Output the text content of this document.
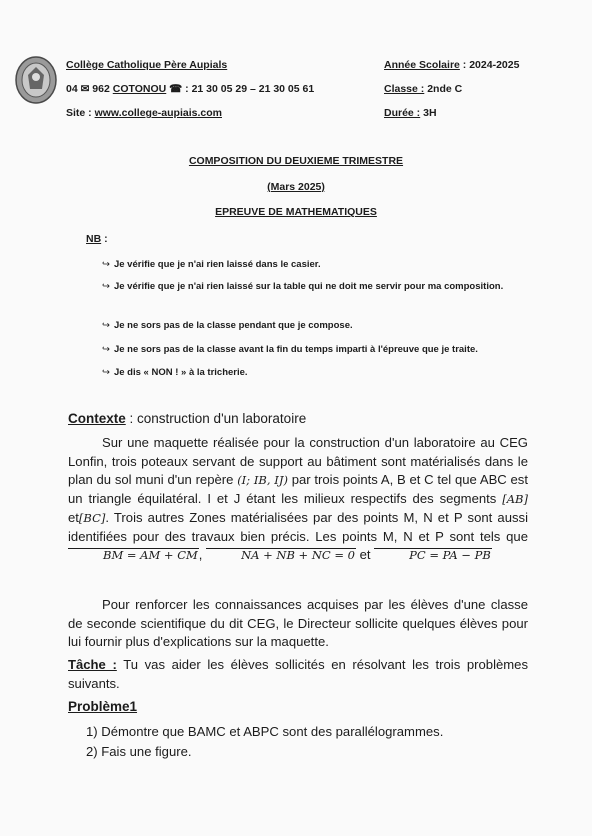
Collège Catholique Père Aupials
04 ✉ 962 COTONOU ☎ : 21 30 05 29 – 21 30 05 61
Site : www.college-aupiais.com
Année Scolaire : 2024-2025
Classe : 2nde C
Durée : 3H
COMPOSITION DU DEUXIEME TRIMESTRE
(Mars 2025)
EPREUVE DE MATHEMATIQUES
NB :
↪ Je vérifie que je n'ai rien laissé dans le casier.
↪ Je vérifie que je n'ai rien laissé sur la table qui ne doit me servir pour ma composition.
↪ Je ne sors pas de la classe pendant que je compose.
↪ Je ne sors pas de la classe avant la fin du temps imparti à l'épreuve que je traite.
↪ Je dis « NON ! » à la tricherie.
Contexte : construction d'un laboratoire
Sur une maquette réalisée pour la construction d'un laboratoire au CEG Lonfin, trois poteaux servant de support au bâtiment sont matérialisés dans le plan du sol muni d'un repère (I; IB, IJ) par trois points A, B et C tel que ABC est un triangle équilatéral. I et J étant les milieux respectifs des segments [AB] et[BC]. Trois autres Zones matérialisées par des points M, N et P sont aussi identifiées pour des travaux bien précis. Les points M, N et P sont tels que BM = AM + CM,	NA + NB + NC = 0 et	PC = PA − PB
Pour renforcer les connaissances acquises par les élèves d'une classe de seconde scientifique du dit CEG, le Directeur sollicite quelques élèves pour lui fournir plus d'explications sur la maquette.
Tâche : Tu vas aider les élèves sollicités en résolvant les trois problèmes suivants.
Problème1
1) Démontre que BAMC et ABPC sont des parallélogrammes.
2) Fais une figure.
